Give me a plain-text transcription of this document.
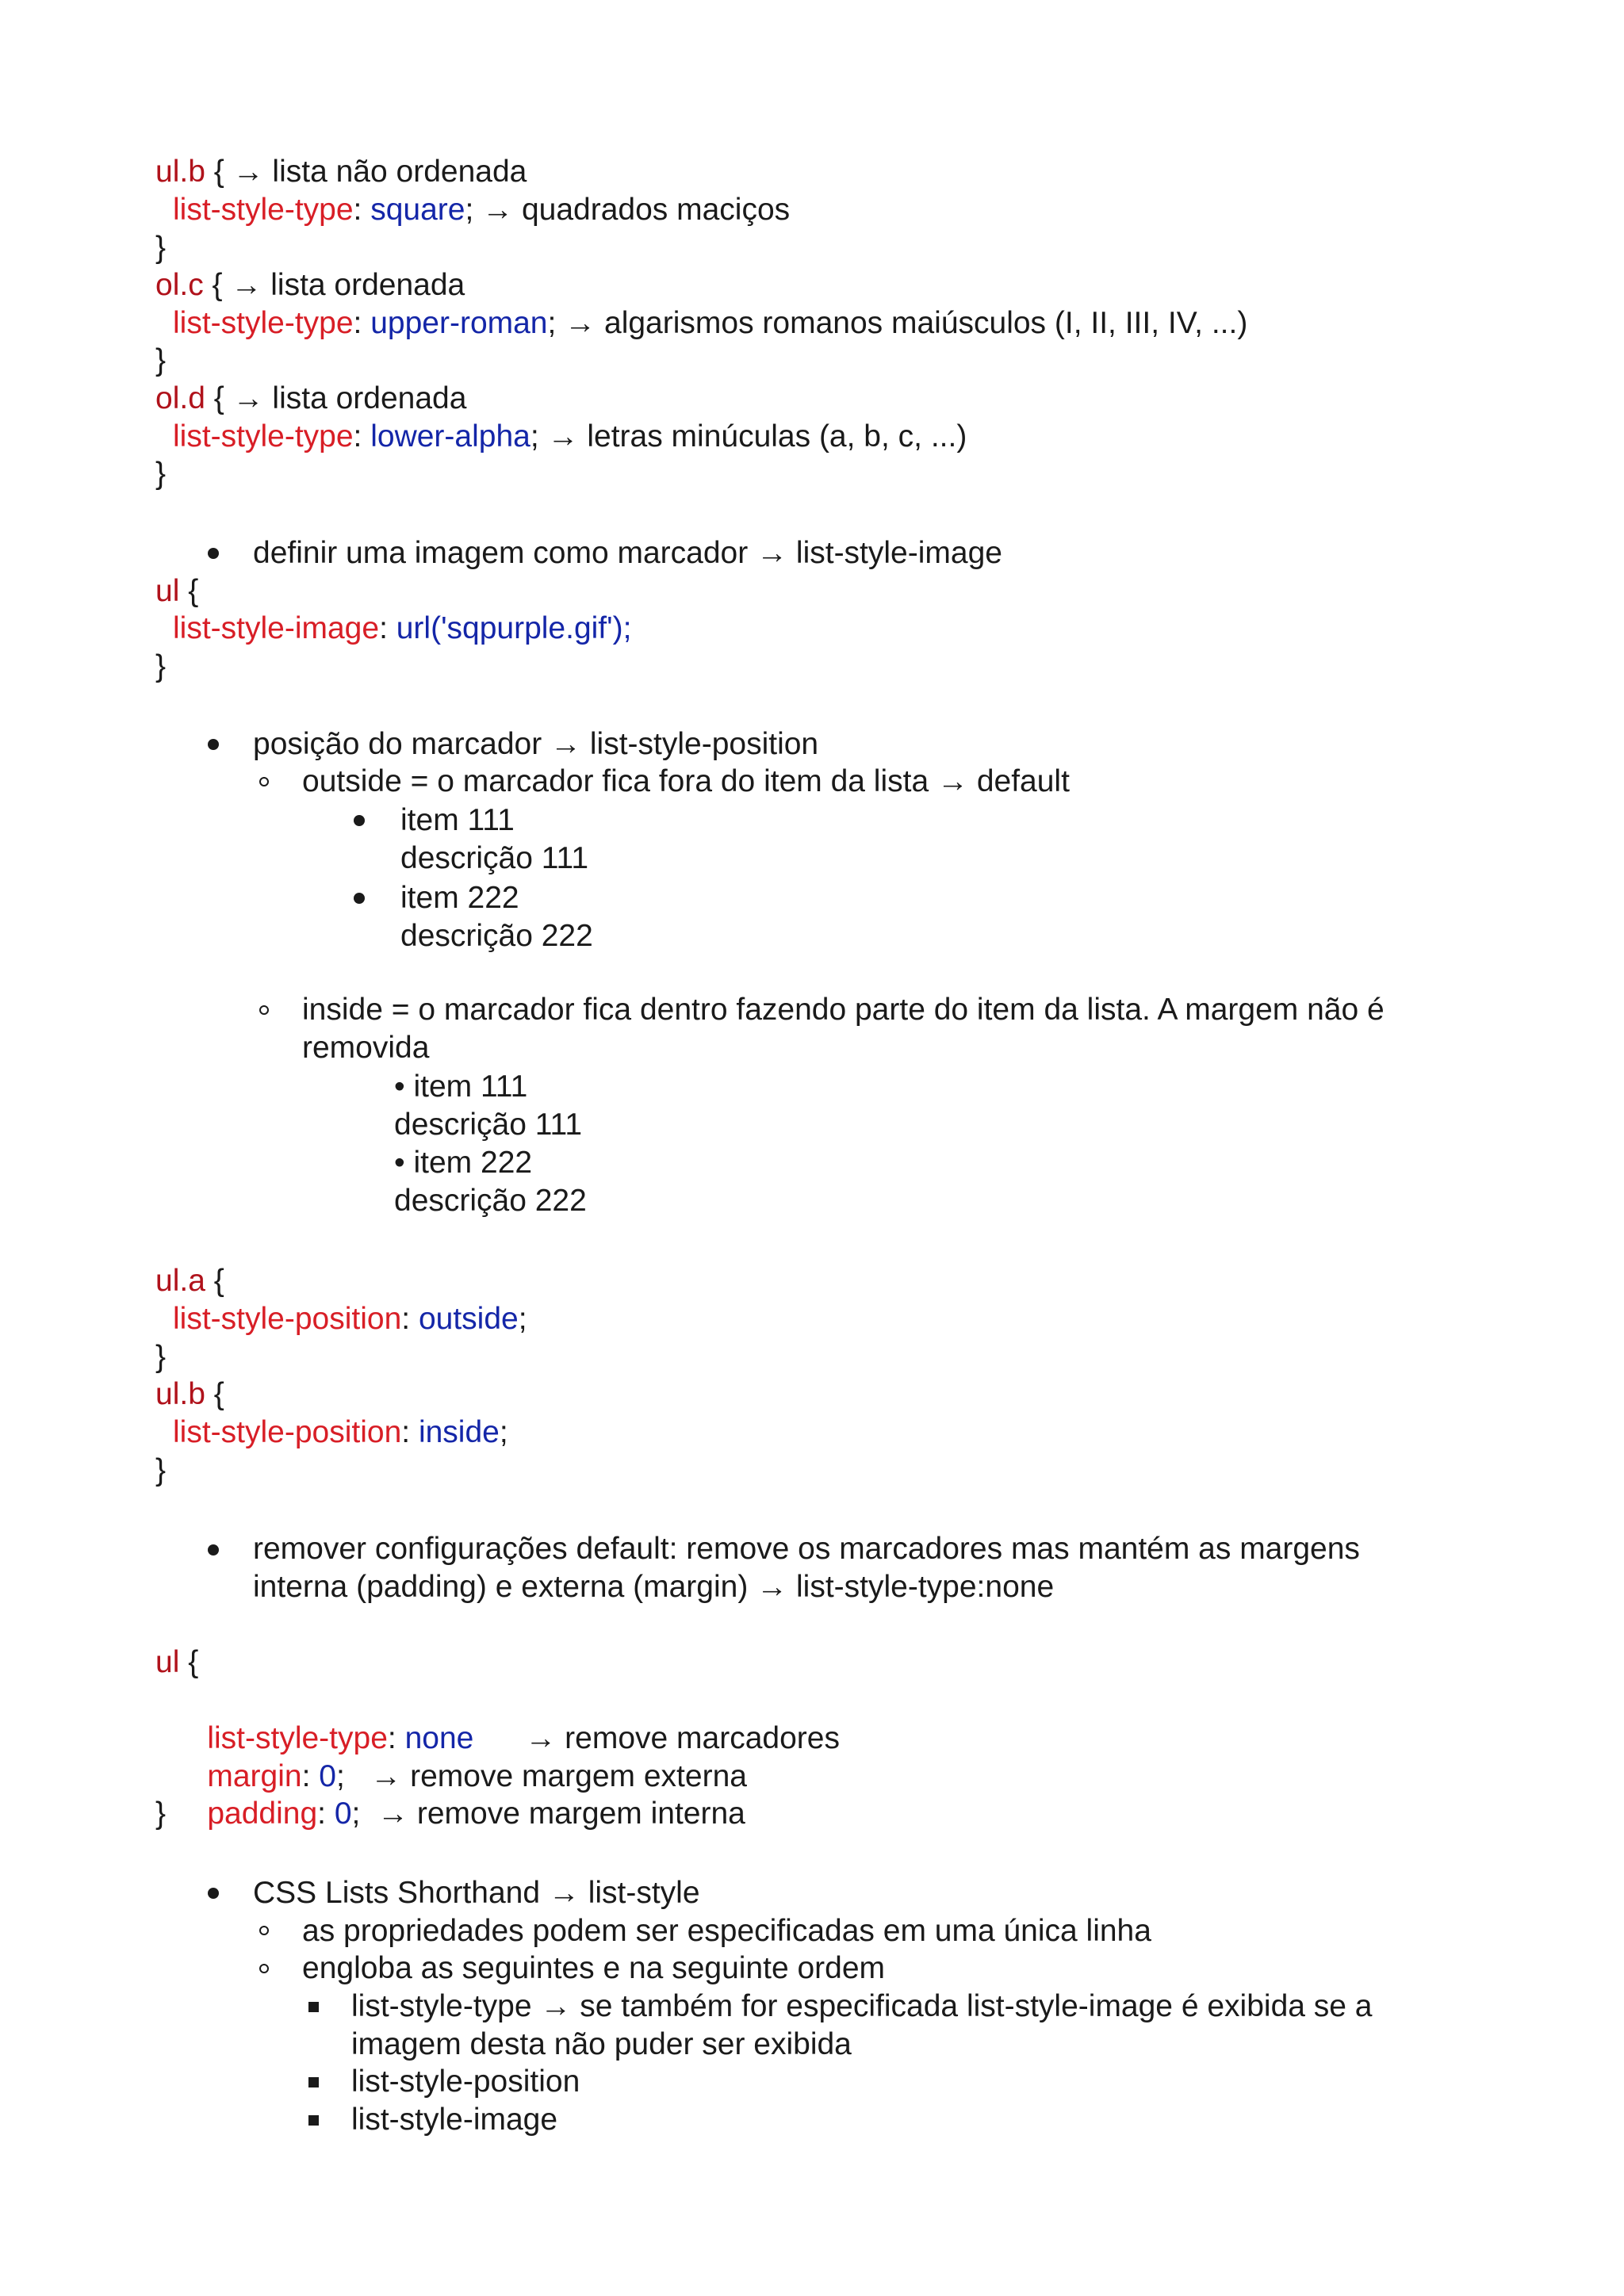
ul.b { → lista não ordenada
list-style-type: square; → quadrados maciços
}
ol.c { → lista ordenada
list-style-type: upper-roman; → algarismos romanos maiúsculos (I, II, III, IV, ...)
}
ol.d { → lista ordenada
list-style-type: lower-alpha; → letras minúculas (a, b, c, ...)
}
definir uma imagem como marcador → list-style-image
ul {
list-style-image: url('sqpurple.gif');
}
posição do marcador → list-style-position
outside = o marcador fica fora do item da lista → default
item 111
descrição 111
item 222
descrição 222
inside = o marcador fica dentro fazendo parte do item da lista. A margem não é
removida
• item 111
descrição 111
• item 222
descrição 222
ul.a {
list-style-position: outside;
}
ul.b {
list-style-position: inside;
}
remover configurações default: remove os marcadores mas mantém as margens
interna (padding) e externa (margin) → list-style-type:none
ul {

list-style-type: none      → remove marcadores

margin: 0;   → remove margem externa

padding: 0;  → remove margem interna

}
CSS Lists Shorthand → list-style
as propriedades podem ser especificadas em uma única linha
engloba as seguintes e na seguinte ordem
list-style-type → se também for especificada list-style-image é exibida se a
imagem desta não puder ser exibida
list-style-position
list-style-image
